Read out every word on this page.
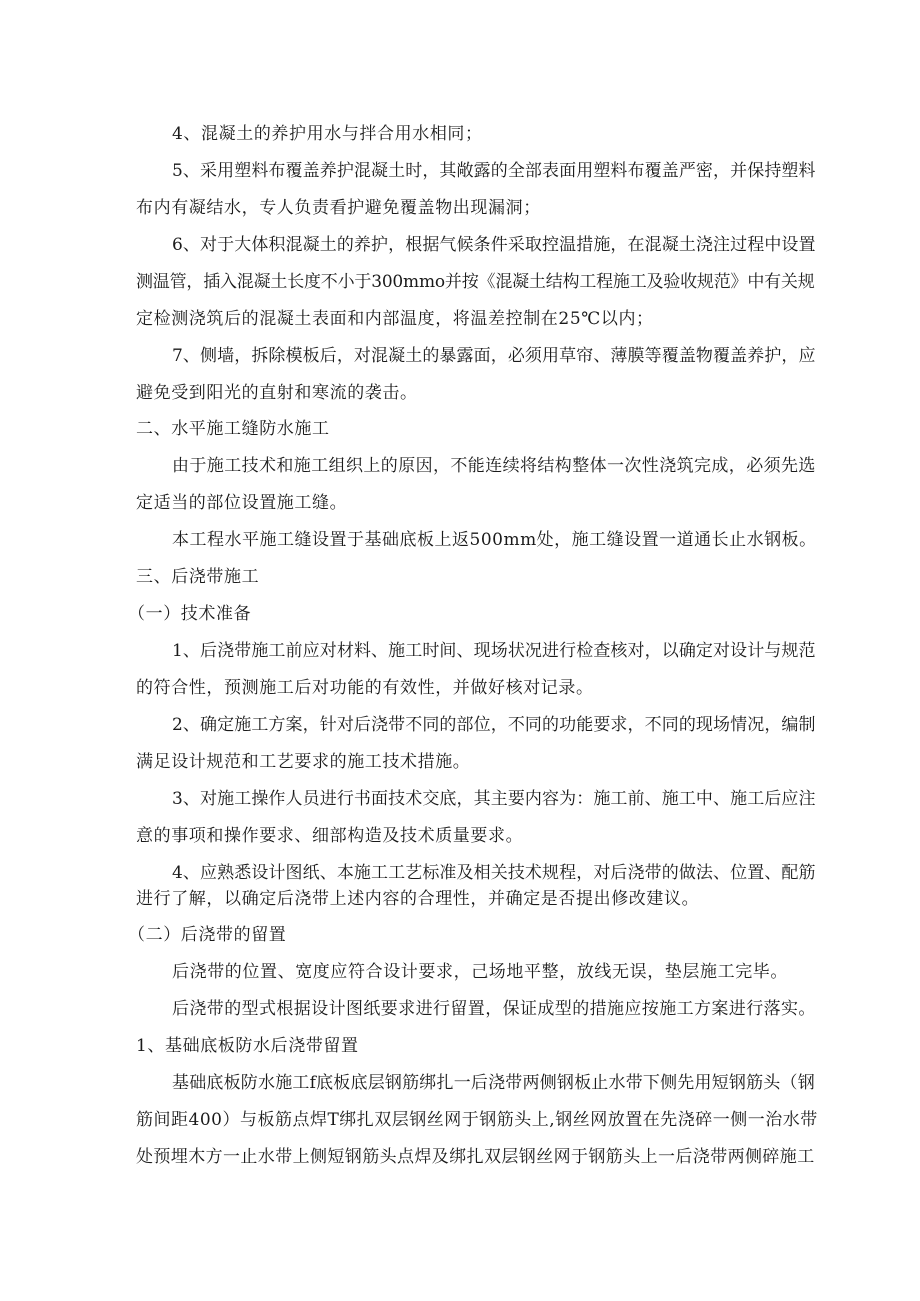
4、混凝土的养护用水与拌合用水相同；
5、采用塑料布覆盖养护混凝土时，其敞露的全部表面用塑料布覆盖严密，并保持塑料
布内有凝结水，专人负责看护避免覆盖物出现漏洞；
6、对于大体积混凝土的养护，根据气候条件采取控温措施，在混凝土浇注过程中设置
测温管，插入混凝土长度不小于300mmo并按《混凝土结构工程施工及验收规范》中有关规
定检测浇筑后的混凝土表面和内部温度，将温差控制在25℃以内；
7、侧墙，拆除模板后，对混凝土的暴露面，必须用草帘、薄膜等覆盖物覆盖养护，应
避免受到阳光的直射和寒流的袭击。
二、水平施工缝防水施工
由于施工技术和施工组织上的原因，不能连续将结构整体一次性浇筑完成，必须先选
定适当的部位设置施工缝。
本工程水平施工缝设置于基础底板上返500mm处，施工缝设置一道通长止水钢板。
三、后浇带施工
（一）技术准备
1、后浇带施工前应对材料、施工时间、现场状况进行检查核对，以确定对设计与规范
的符合性，预测施工后对功能的有效性，并做好核对记录。
2、确定施工方案，针对后浇带不同的部位，不同的功能要求，不同的现场情况，编制
满足设计规范和工艺要求的施工技术措施。
3、对施工操作人员进行书面技术交底，其主要内容为：施工前、施工中、施工后应注
意的事项和操作要求、细部构造及技术质量要求。
4、应熟悉设计图纸、本施工工艺标准及相关技术规程，对后浇带的做法、位置、配筋
进行了解，以确定后浇带上述内容的合理性，并确定是否提出修改建议。
（二）后浇带的留置
后浇带的位置、宽度应符合设计要求，己场地平整，放线无误，垫层施工完毕。
后浇带的型式根据设计图纸要求进行留置，保证成型的措施应按施工方案进行落实。
1、基础底板防水后浇带留置
基础底板防水施工f底板底层钢筋绑扎一后浇带两侧钢板止水带下侧先用短钢筋头（钢
筋间距400）与板筋点焊T绑扎双层钢丝网于钢筋头上,钢丝网放置在先浇碎一侧一治水带
处预埋木方一止水带上侧短钢筋头点焊及绑扎双层钢丝网于钢筋头上一后浇带两侧碎施工
